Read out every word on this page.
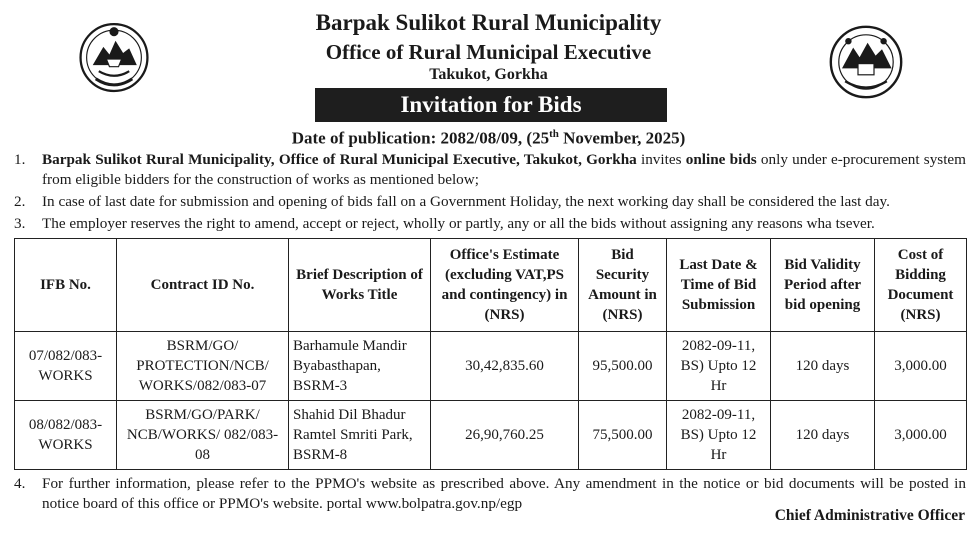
Barpak Sulikot Rural Municipality
Office of Rural Municipal Executive
Takukot, Gorkha
Invitation for Bids
Date of publication: 2082/08/09, (25th November, 2025)
1. Barpak Sulikot Rural Municipality, Office of Rural Municipal Executive, Takukot, Gorkha invites online bids only under e-procurement system from eligible bidders for the construction of works as mentioned below;
2. In case of last date for submission and opening of bids fall on a Government Holiday, the next working day shall be considered the last day.
3. The employer reserves the right to amend, accept or reject, wholly or partly, any or all the bids without assigning any reasons wha tsever.
IFB No.	Contract ID No.	Brief Description of Works Title	Office's Estimate (excluding VAT,PS and contingency) in (NRS)	Bid Security Amount in (NRS)	Last Date & Time of Bid Submission	Bid Validity Period after bid opening	Cost of Bidding Document (NRS)
07/082/083-WORKS	BSRM/GO/ PROTECTION/NCB/ WORKS/082/083-07	Barhamule Mandir Byabasthapan, BSRM-3	30,42,835.60	95,500.00	2082-09-11, BS) Upto 12 Hr	120 days	3,000.00
08/082/083-WORKS	BSRM/GO/PARK/ NCB/WORKS/ 082/083-08	Shahid Dil Bhadur Ramtel Smriti Park, BSRM-8	26,90,760.25	75,500.00	2082-09-11, BS) Upto 12 Hr	120 days	3,000.00
4. For further information, please refer to the PPMO's website as prescribed above. Any amendment in the notice or bid documents will be posted in notice board of this office or PPMO's website. portal www.bolpatra.gov.np/egp
Chief Administrative Officer
